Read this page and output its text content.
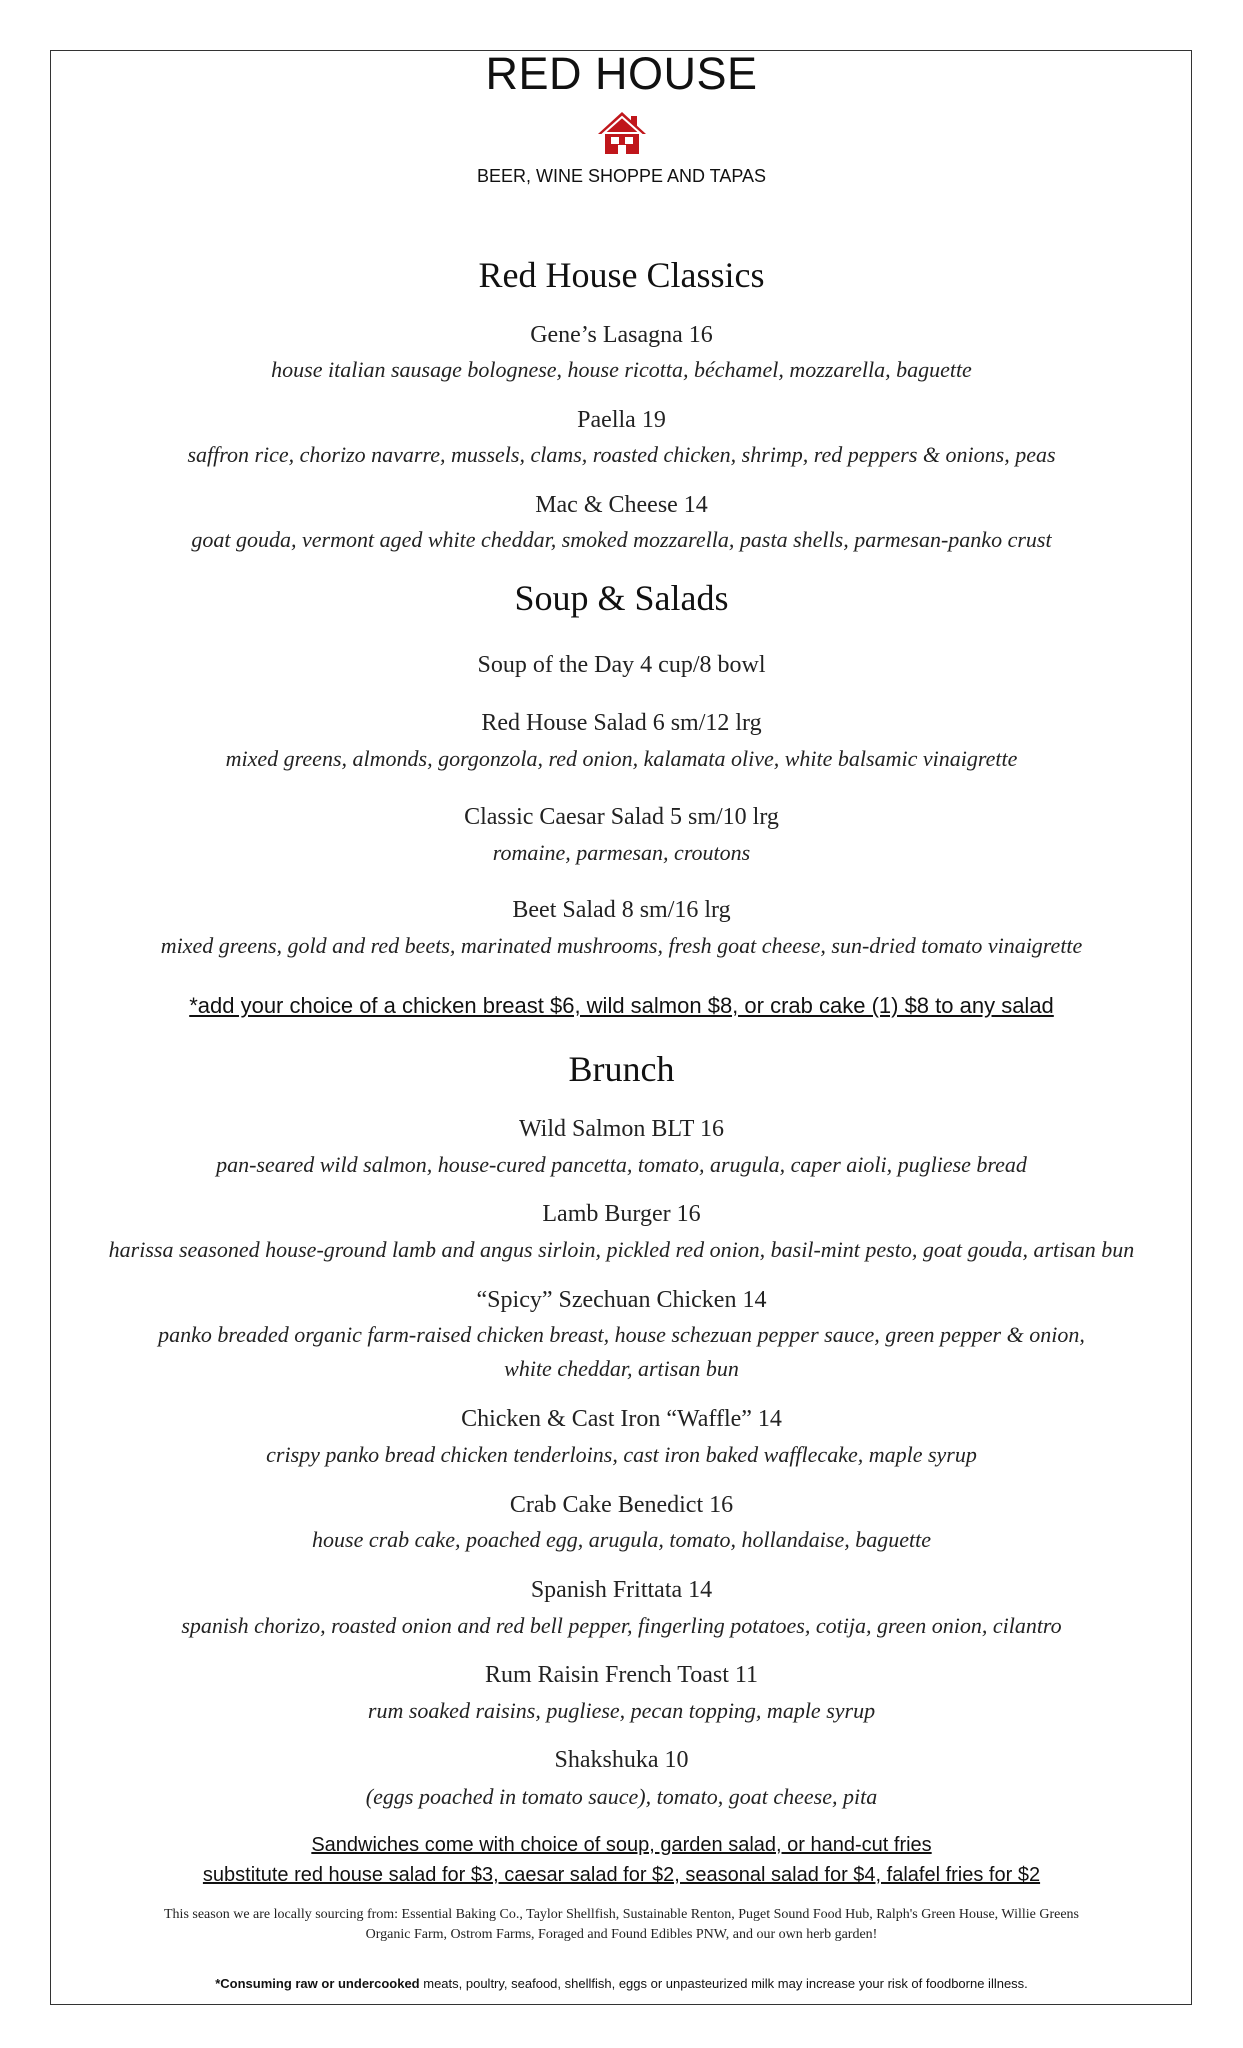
RED HOUSE
BEER, WINE SHOPPE AND TAPAS
Red House Classics
Gene’s Lasagna 16
house italian sausage bolognese, house ricotta, béchamel, mozzarella, baguette
Paella 19
saffron rice, chorizo navarre, mussels, clams, roasted chicken, shrimp, red peppers & onions, peas
Mac & Cheese 14
goat gouda, vermont aged white cheddar, smoked mozzarella, pasta shells, parmesan-panko crust
Soup & Salads
Soup of the Day 4 cup/8 bowl
Red House Salad 6 sm/12 lrg
mixed greens, almonds, gorgonzola, red onion, kalamata olive, white balsamic vinaigrette
Classic Caesar Salad 5 sm/10 lrg
romaine, parmesan, croutons
Beet Salad 8 sm/16 lrg
mixed greens, gold and red beets, marinated mushrooms, fresh goat cheese, sun-dried tomato vinaigrette
*add your choice of a chicken breast $6, wild salmon $8, or crab cake (1) $8 to any salad
Brunch
Wild Salmon BLT 16
pan-seared wild salmon, house-cured pancetta, tomato, arugula, caper aioli, pugliese bread
Lamb Burger 16
harissa seasoned house-ground lamb and angus sirloin, pickled red onion, basil-mint pesto, goat gouda, artisan bun
“Spicy” Szechuan Chicken 14
panko breaded organic farm-raised chicken breast, house schezuan pepper sauce, green pepper & onion,
white cheddar, artisan bun
Chicken & Cast Iron “Waffle” 14
crispy panko bread chicken tenderloins, cast iron baked wafflecake, maple syrup
Crab Cake Benedict 16
house crab cake, poached egg, arugula, tomato, hollandaise, baguette
Spanish Frittata 14
spanish chorizo, roasted onion and red bell pepper, fingerling potatoes, cotija, green onion, cilantro
Rum Raisin French Toast 11
rum soaked raisins, pugliese, pecan topping, maple syrup
Shakshuka 10
(eggs poached in tomato sauce), tomato, goat cheese, pita
Sandwiches come with choice of soup, garden salad, or hand-cut fries
substitute red house salad for $3, caesar salad for $2, seasonal salad for $4, falafel fries for $2
This season we are locally sourcing from: Essential Baking Co., Taylor Shellfish, Sustainable Renton, Puget Sound Food Hub, Ralph's Green House, Willie Greens
Organic Farm, Ostrom Farms, Foraged and Found Edibles PNW, and our own herb garden!
*Consuming raw or undercooked meats, poultry, seafood, shellfish, eggs or unpasteurized milk may increase your risk of foodborne illness.
